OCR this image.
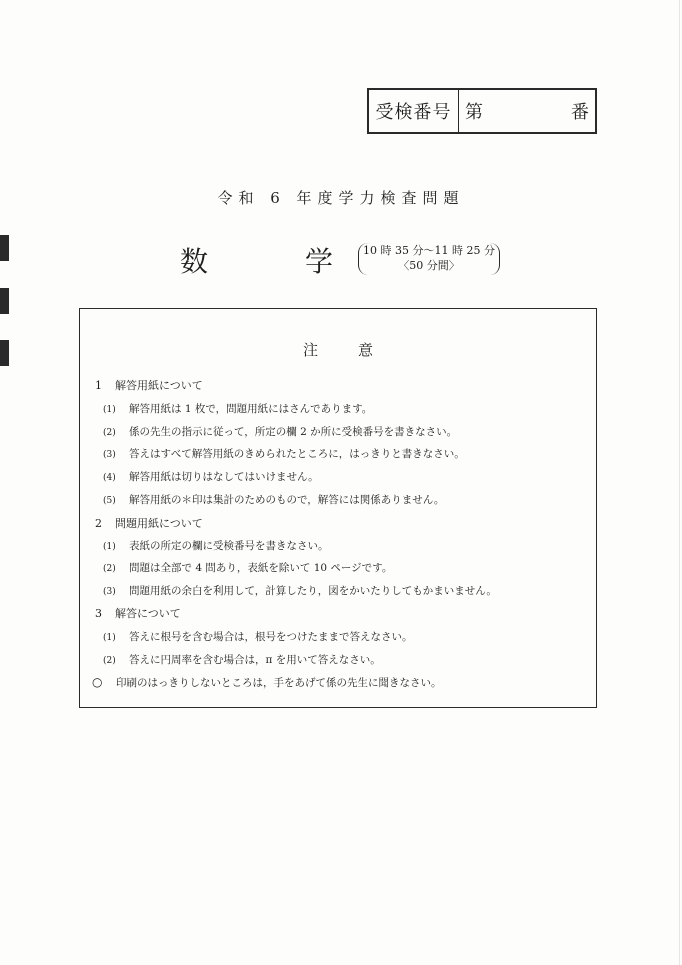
受検番号 第	番
令和 6 年度学力検査問題
数	学	10 時 35 分～11 時 25 分
〈50 分間〉
注意
1 解答用紙について
(1) 解答用紙は 1 枚で，問題用紙にはさんであります。
(2) 係の先生の指示に従って，所定の欄 2 か所に受検番号を書きなさい。
(3) 答えはすべて解答用紙のきめられたところに，はっきりと書きなさい。
(4) 解答用紙は切りはなしてはいけません。
(5) 解答用紙の＊印は集計のためのもので，解答には関係ありません。
2 問題用紙について
(1) 表紙の所定の欄に受検番号を書きなさい。
(2) 問題は全部で 4 問あり，表紙を除いて 10 ページです。
(3) 問題用紙の余白を利用して，計算したり，図をかいたりしてもかまいません。
3 解答について
(1) 答えに根号を含む場合は，根号をつけたままで答えなさい。
(2) 答えに円周率を含む場合は，π を用いて答えなさい。
○ 印刷のはっきりしないところは，手をあげて係の先生に聞きなさい。
